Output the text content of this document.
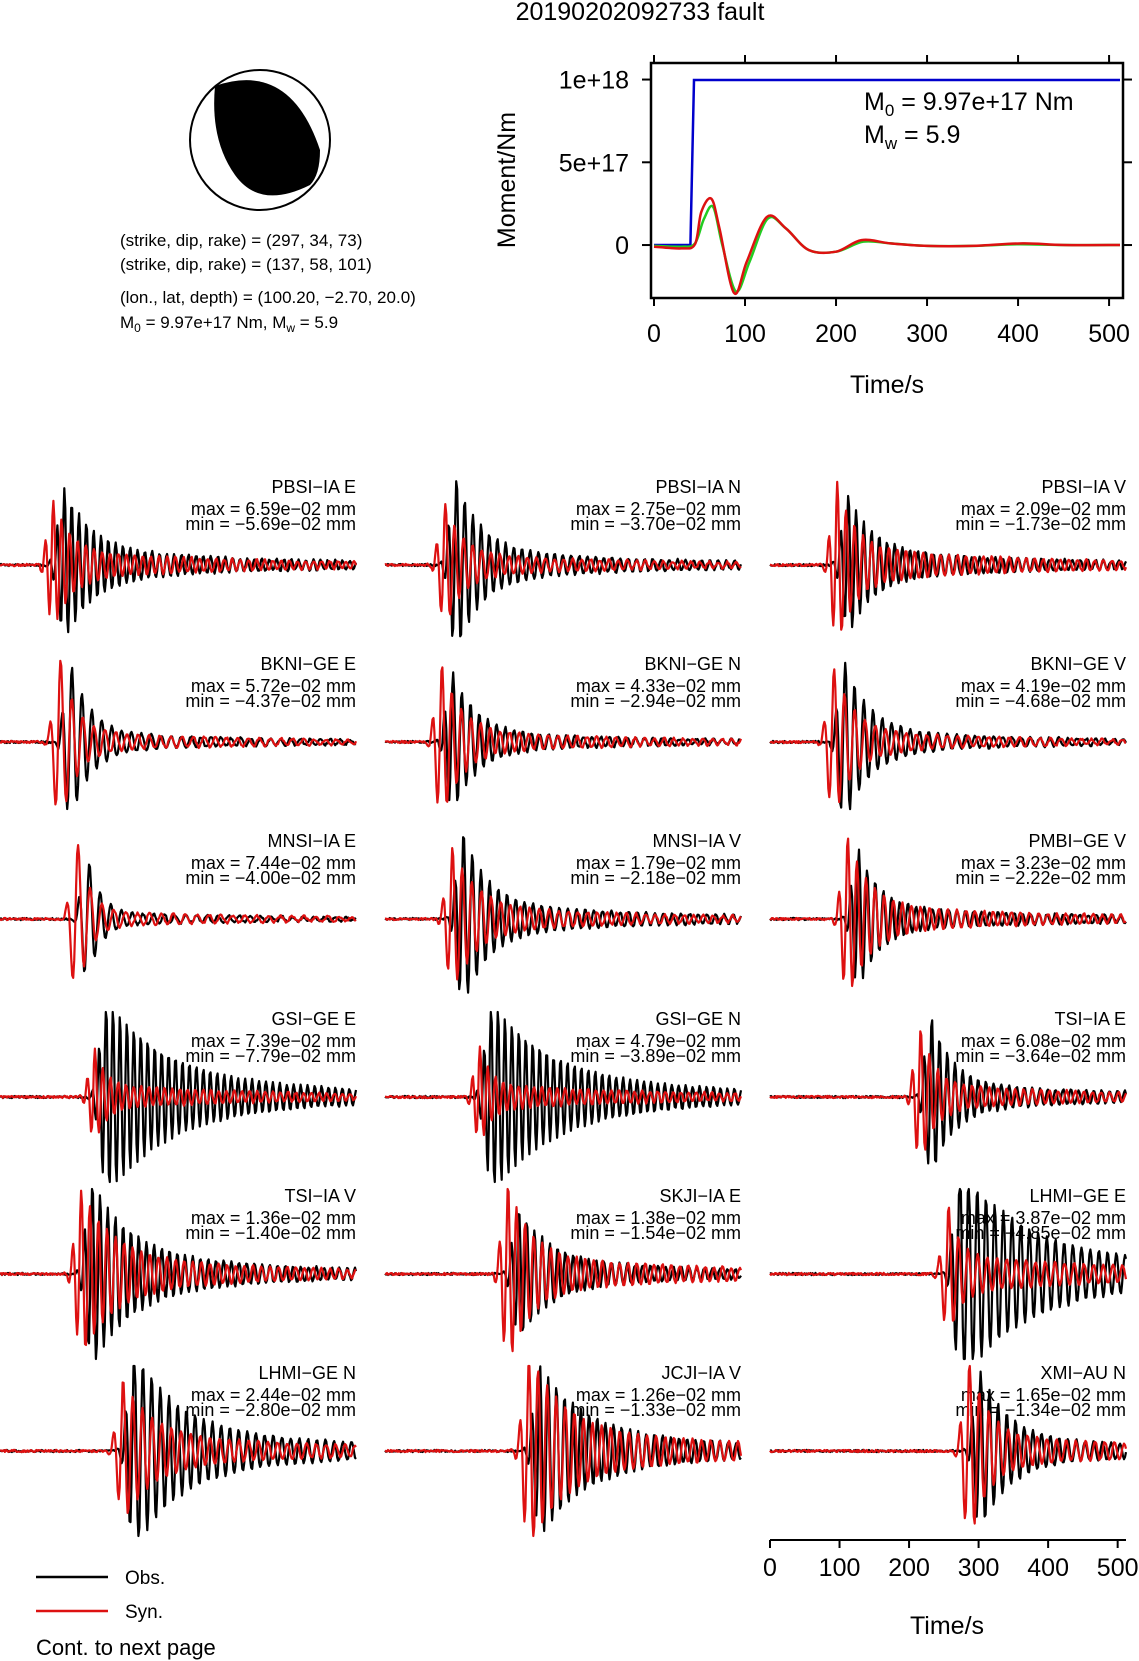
20190202092733 fault
(strike, dip, rake) = (297, 34, 73)
(strike, dip, rake) = (137, 58, 101)
(lon., lat, depth) = (100.20, −2.70, 20.0)
$M_0 = 9.97e+17$ Nm, $M_w = 5.9$
Moment/Nm
Time/s
$M_0 = 9.97e+17$ Nm
$M_w = 5.9$
0	100 200 300 400 500
0
5e+17
1e+18
PBSI−IA E
max = 6.59e−02 mm
min = −5.69e−02 mm
PBSI−IA N
max = 2.75e−02 mm
min = −3.70e−02 mm
PBSI−IA V
max = 2.09e−02 mm
min = −1.73e−02 mm
BKNI−GE E
max = 5.72e−02 mm
min = −4.37e−02 mm
BKNI−GE N
max = 4.33e−02 mm
min = −2.94e−02 mm
BKNI−GE V
max = 4.19e−02 mm
min = −4.68e−02 mm
MNSI−IA E
max = 7.44e−02 mm
min = −4.00e−02 mm
MNSI−IA V
max = 1.79e−02 mm
min = −2.18e−02 mm
PMBI−GE V
max = 3.23e−02 mm
min = −2.22e−02 mm
GSI−GE E
max = 7.39e−02 mm
min = −7.79e−02 mm
GSI−GE N
max = 4.79e−02 mm
min = −3.89e−02 mm
TSI−IA E
max = 6.08e−02 mm
min = −3.64e−02 mm
TSI−IA V
max = 1.36e−02 mm
min = −1.40e−02 mm
SKJI−IA E
max = 1.38e−02 mm
min = −1.54e−02 mm
LHMI−GE E
max = 3.87e−02 mm
min = −4.85e−02 mm
LHMI−GE N
max = 2.44e−02 mm
min = −2.80e−02 mm
JCJI−IA V
max = 1.26e−02 mm
min = −1.33e−02 mm
XMI−AU N
max = 1.65e−02 mm
min = −1.34e−02 mm
Time/s
0 100 200 300 400 500
Obs.
Syn.
Cont. to next page
